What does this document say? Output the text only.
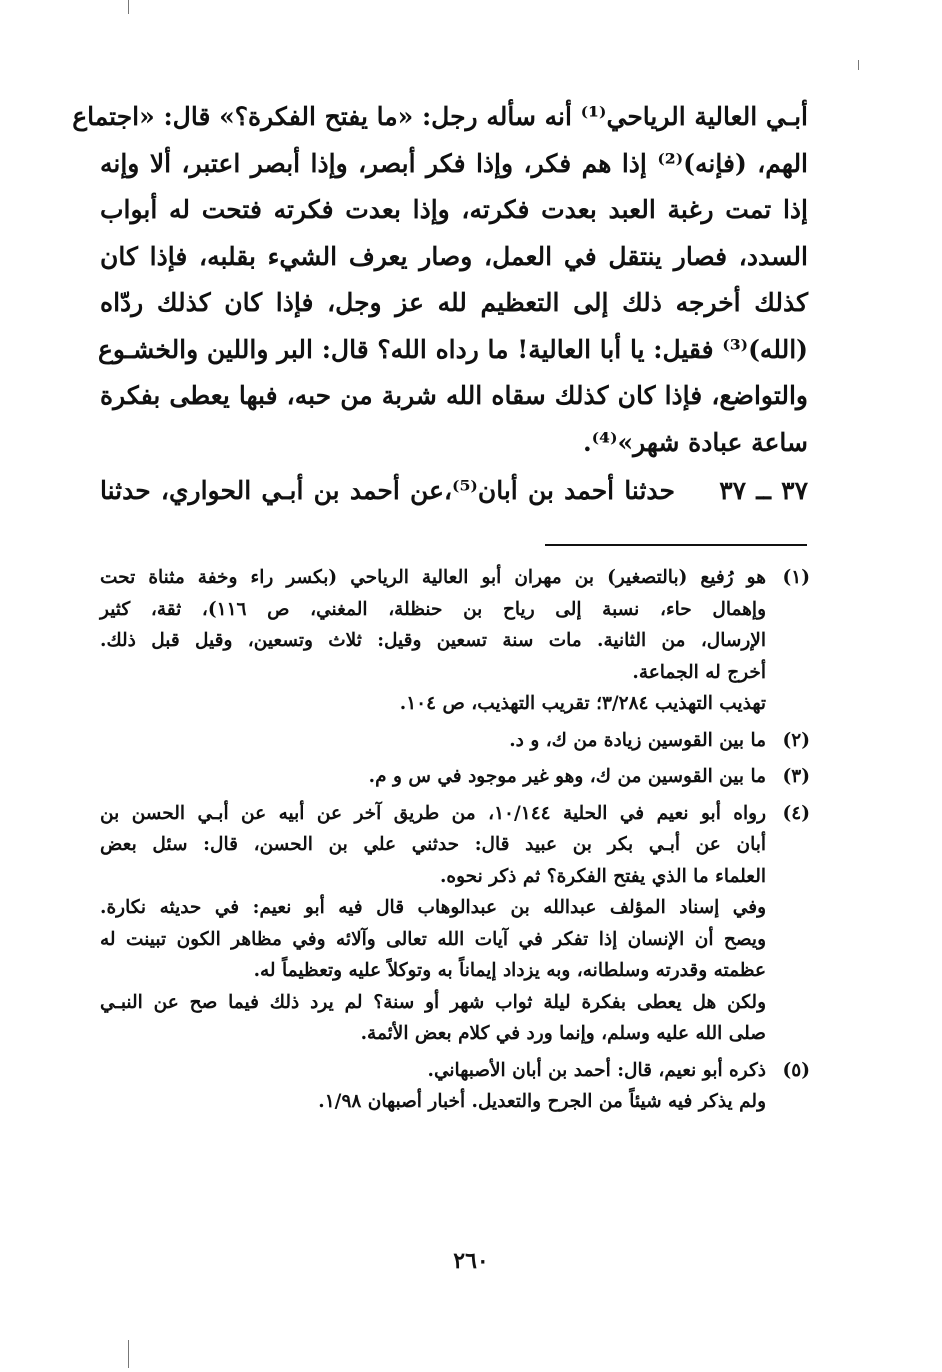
أبـي العالية الرياحي⁽¹⁾ أنه سأله رجل: «ما يفتح الفكرة؟» قال: «اجتماع
الهم، (فإنه)⁽²⁾ إذا هم فكر، وإذا فكر أبصر، وإذا أبصر اعتبر، ألا وإنه
إذا تمت رغبة العبد بعدت فكرته، وإذا بعدت فكرته فتحت له أبواب
السدد، فصار ينتقل في العمل، وصار يعرف الشيء بقلبه، فإذا كان
كذلك أخرجه ذلك إلى التعظيم لله عز وجل، فإذا كان كذلك ردّاه
(الله)⁽³⁾ فقيل: يا أبا العالية! ما رداه الله؟ قال: البر واللين والخشـوع
والتواضع، فإذا كان كذلك سقاه الله شربة من حبه، فبها يعطى بفكرة
ساعة عبادة شهر»⁽⁴⁾.
٣٧ ــ ٣٧ حدثنا أحمد بن أبان⁽⁵⁾،عن أحمد بن أبـي الحواري، حدثنا
(١)
هو رُفيع (بالتصغير) بن مهران أبو العالية الرياحي (بكسر راء وخفة مثناة تحت
وإهمال حاء، نسبة إلى رياح بن حنظلة، المغني، ص ١١٦)، ثقة، كثير
الإرسال، من الثانية. مات سنة تسعين وقيل: ثلاث وتسعين، وقيل قبل ذلك.
أخرج له الجماعة.
تهذيب التهذيب ٣/٢٨٤؛ تقريب التهذيب، ص ١٠٤.
(٢)
ما بين القوسين زيادة من ك، و د.
(٣)
ما بين القوسين من ك، وهو غير موجود في س و م.
(٤)
رواه أبو نعيم في الحلية ١٠/١٤٤، من طريق آخر عن أبيه عن أبـي الحسن بن
أبان عن أبـي بكر بن عبيد قال: حدثني علي بن الحسن، قال: سئل بعض
العلماء ما الذي يفتح الفكرة؟ ثم ذكر نحوه.
وفي إسناد المؤلف عبدالله بن عبدالوهاب قال فيه أبو نعيم: في حديثه نكارة.
ويصح أن الإنسان إذا تفكر في آيات الله تعالى وآلائه وفي مظاهر الكون تبينت له
عظمته وقدرته وسلطانه، وبه يزداد إيماناً به وتوكلاً عليه وتعظيماً له.
ولكن هل يعطى بفكرة ليلة ثواب شهر أو سنة؟ لم يرد ذلك فيما صح عن النبـي
صلى الله عليه وسلم، وإنما ورد في كلام بعض الأئمة.
(٥)
ذكره أبو نعيم، قال: أحمد بن أبان الأصبهاني.
ولم يذكر فيه شيئاً من الجرح والتعديل. أخبار أصبهان ١/٩٨.
٢٦٠
